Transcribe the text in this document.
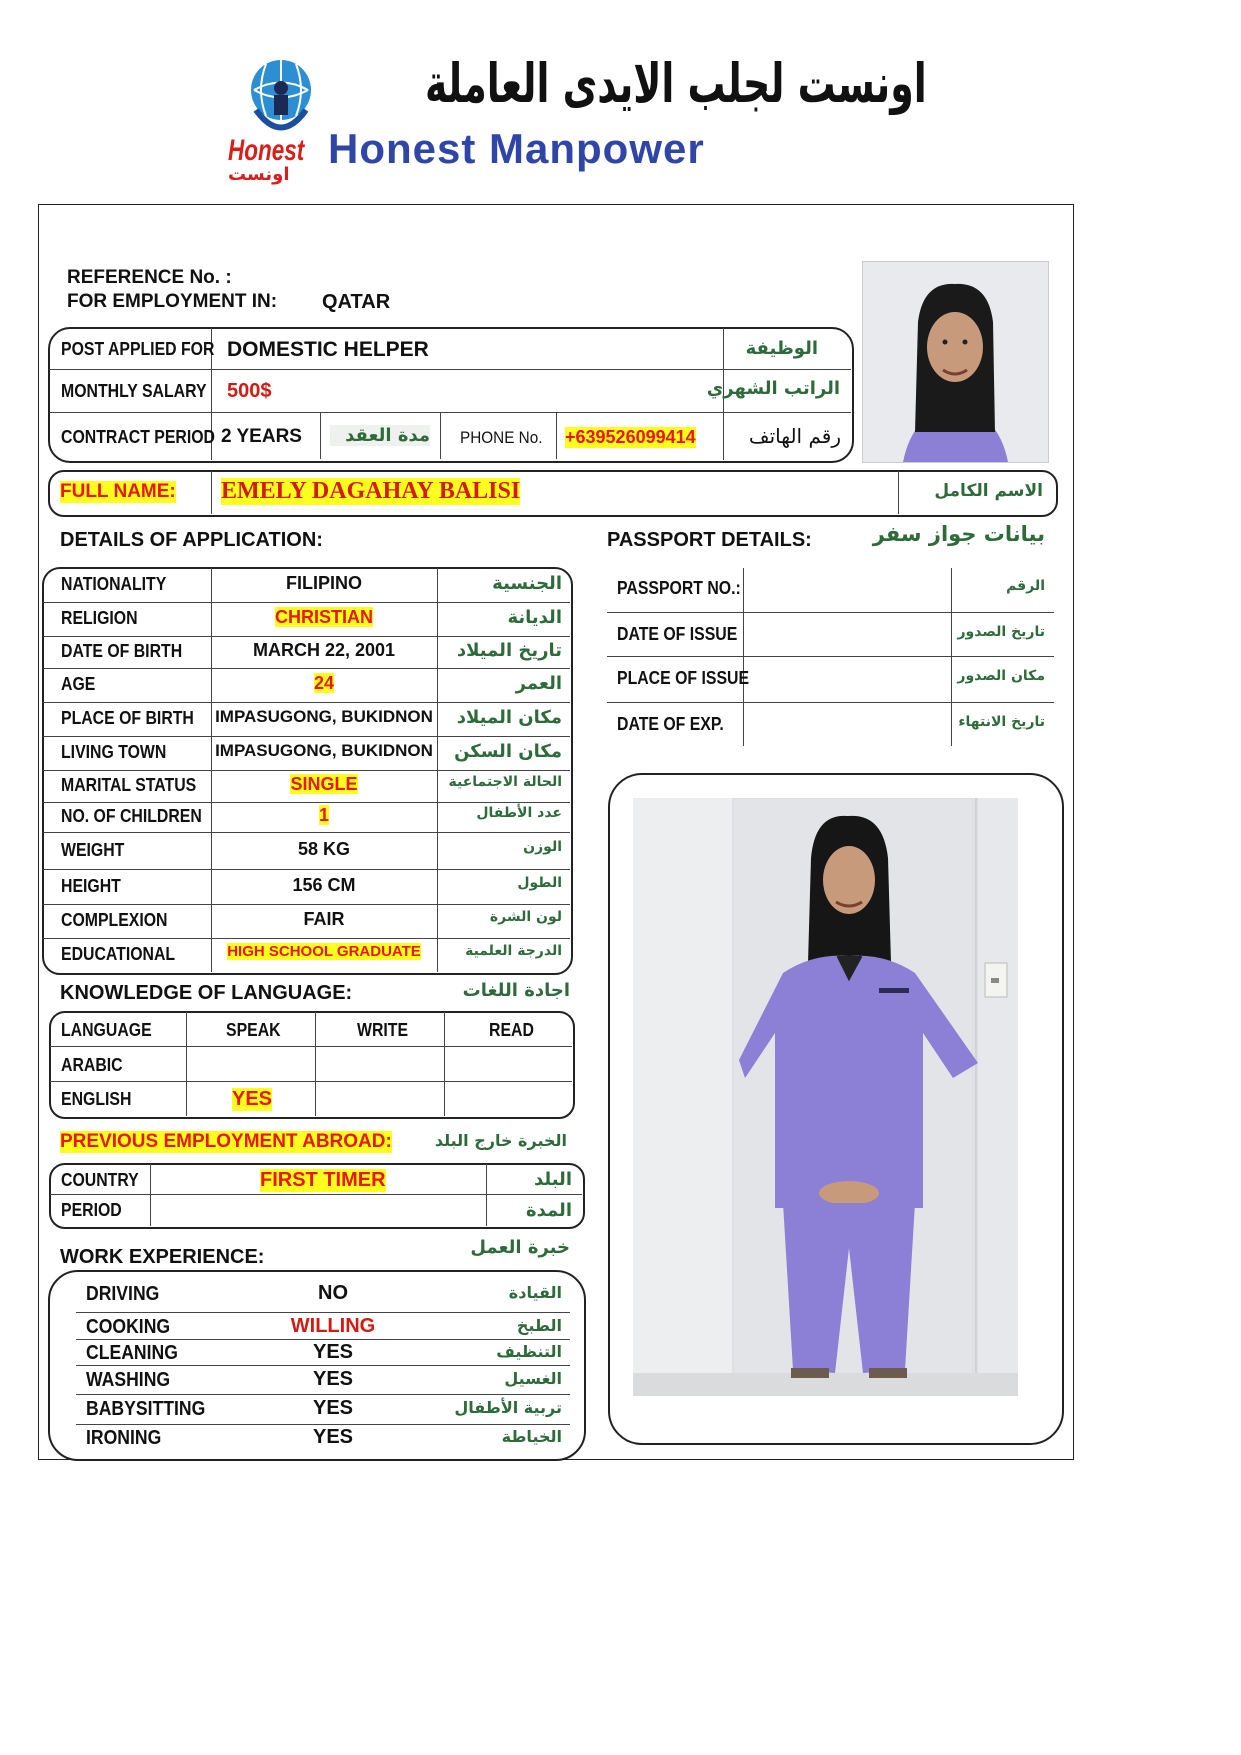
Honest
اونست
اونست لجلب الايدى العاملة
Honest Manpower
REFERENCE No. :
FOR EMPLOYMENT IN: QATAR
POST APPLIED FOR DOMESTIC HELPER	الوظيفة
MONTHLY SALARY 500$	الراتب الشهري
CONTRACT PERIOD 2 YEARS	مدة العقد PHONE No. +639526099414	رقم الهاتف
FULL NAME: EMELY DAGAHAY BALISI	الاسم الكامل
DETAILS OF APPLICATION:
NATIONALITY	FILIPINO	الجنسية
RELIGION	CHRISTIAN	الديانة
DATE OF BIRTH	MARCH 22, 2001	تاريخ الميلاد
AGE	24	العمر
PLACE OF BIRTH IMPASUGONG, BUKIDNON	مكان الميلاد
LIVING TOWN	IMPASUGONG, BUKIDNON	مكان السكن
MARITAL STATUS	SINGLE	الحالة الاجتماعية
NO. OF CHILDREN	1	عدد الأطفال
WEIGHT	58 KG	الوزن
HEIGHT	156 CM	الطول
COMPLEXION	FAIR	لون الشرة
EDUCATIONAL	HIGH SCHOOL GRADUATE	الدرجة العلمية
PASSPORT DETAILS:	بيانات جواز سفر
PASSPORT NO.:	الرقم
DATE OF ISSUE	تاريخ الصدور
PLACE OF ISSUE	مكان الصدور
DATE OF EXP.	تاريخ الانتهاء
KNOWLEDGE OF LANGUAGE:	اجادة اللغات
LANGUAGE	SPEAK	WRITE	READ
ARABIC
ENGLISH	YES
PREVIOUS EMPLOYMENT ABROAD:	الخبرة خارج البلد
COUNTRY	FIRST TIMER	البلد
PERIOD	المدة
WORK EXPERIENCE:	خبرة العمل
DRIVING	NO	القيادة
COOKING	WILLING	الطبخ
CLEANING	YES	التنظيف
WASHING	YES	الغسيل
BABYSITTING	YES	تربية الأطفال
IRONING	YES	الخياطة
